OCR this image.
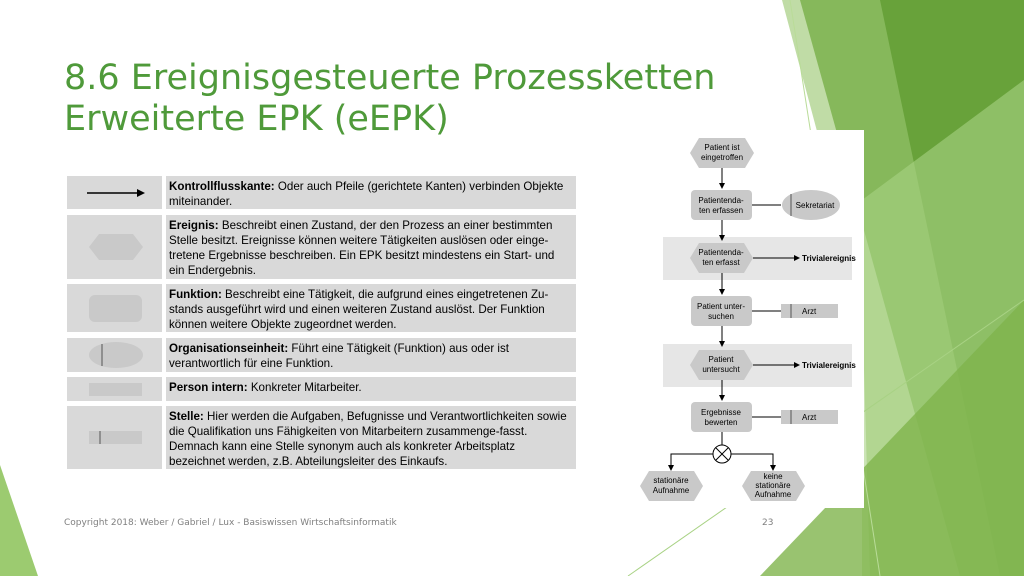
8.6 Ereignisgesteuerte Prozessketten
Erweiterte EPK (eEPK)
Kontrollflusskante: Oder auch Pfeile (gerichtete Kanten) verbinden Objekte miteinander.
Ereignis: Beschreibt einen Zustand, der den Prozess an einer bestimmten Stelle besitzt. Ereignisse können weitere Tätigkeiten auslösen oder einge-tretene Ergebnisse beschreiben. Ein EPK besitzt mindestens ein Start- und ein Endergebnis.
Funktion: Beschreibt eine Tätigkeit, die aufgrund eines eingetretenen Zu-stands ausgeführt wird und einen weiteren Zustand auslöst. Der Funktion können weitere Objekte zugeordnet werden.
Organisationseinheit: Führt eine Tätigkeit (Funktion) aus oder ist verantwortlich für eine Funktion.
Person intern: Konkreter Mitarbeiter.
Stelle: Hier werden die Aufgaben, Befugnisse und Verantwortlichkeiten sowie die Qualifikation uns Fähigkeiten von Mitarbeitern zusammenge-fasst. Demnach kann eine Stelle synonym auch als konkreter Arbeitsplatz bezeichnet werden, z.B. Abteilungsleiter des Einkaufs.
Patient ist
eingetroffen
Patientenda-
ten erfassen
Sekretariat
Patientenda-
ten erfasst	Trivialereignis
Patient unter-
suchen
Arzt
Patient
untersucht	Trivialereignis
Ergebnisse
bewerten
Arzt
stationäre
Aufnahme
keine
stationäre
Aufnahme
Copyright 2018: Weber / Gabriel / Lux - Basiswissen Wirtschaftsinformatik	23
